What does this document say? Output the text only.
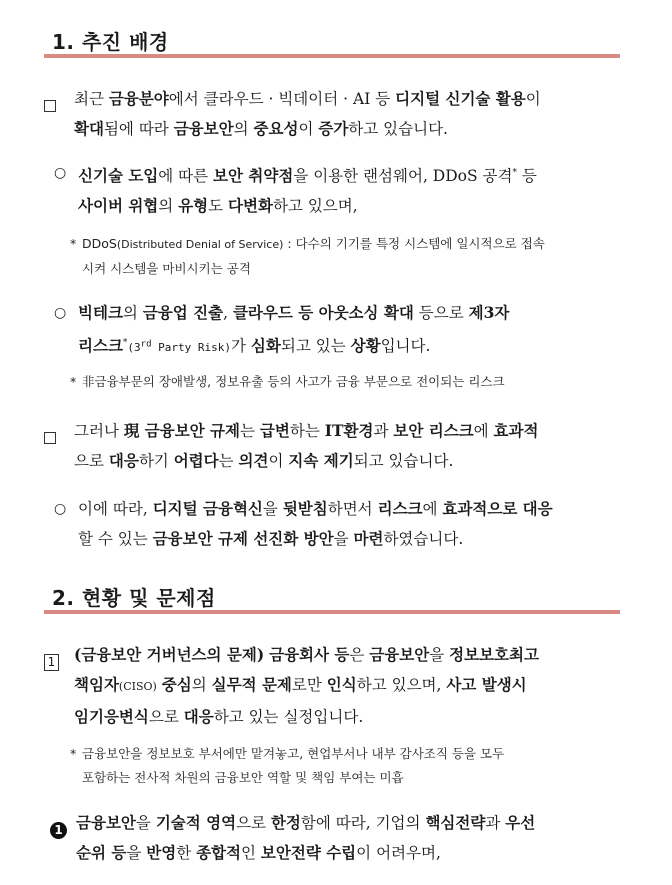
1. 추진 배경
최근 금융분야에서 클라우드 · 빅데이터 · AI 등 디지털 신기술 활용이
확대됨에 따라 금융보안의 중요성이 증가하고 있습니다.
○ 신기술 도입에 따른 보안 취약점을 이용한 랜섬웨어, DDoS 공격* 등
사이버 위협의 유형도 다변화하고 있으며,
* DDoS(Distributed Denial of Service) : 다수의 기기를 특정 시스템에 일시적으로 접속
시켜 시스템을 마비시키는 공격
○ 빅테크의 금융업 진출, 클라우드 등 아웃소싱 확대 등으로 제3자
리스크*(3rd Party Risk)가 심화되고 있는 상황입니다.
* 非금융부문의 장애발생, 정보유출 등의 사고가 금융 부문으로 전이되는 리스크
그러나 現 금융보안 규제는 급변하는 IT환경과 보안 리스크에 효과적
으로 대응하기 어렵다는 의견이 지속 제기되고 있습니다.
○ 이에 따라, 디지털 금융혁신을 뒷받침하면서 리스크에 효과적으로 대응
할 수 있는 금융보안 규제 선진화 방안을 마련하였습니다.
2. 현황 및 문제점
1 (금융보안 거버넌스의 문제) 금융회사 등은 금융보안을 정보보호최고
책임자(CISO) 중심의 실무적 문제로만 인식하고 있으며, 사고 발생시
임기응변식으로 대응하고 있는 실정입니다.
* 금융보안을 정보보호 부서에만 맡겨놓고, 현업부서나 내부 감사조직 등을 모두
포함하는 전사적 차원의 금융보안 역할 및 책임 부여는 미흡
1 금융보안을 기술적 영역으로 한정함에 따라, 기업의 핵심전략과 우선
순위 등을 반영한 종합적인 보안전략 수립이 어려우며,
